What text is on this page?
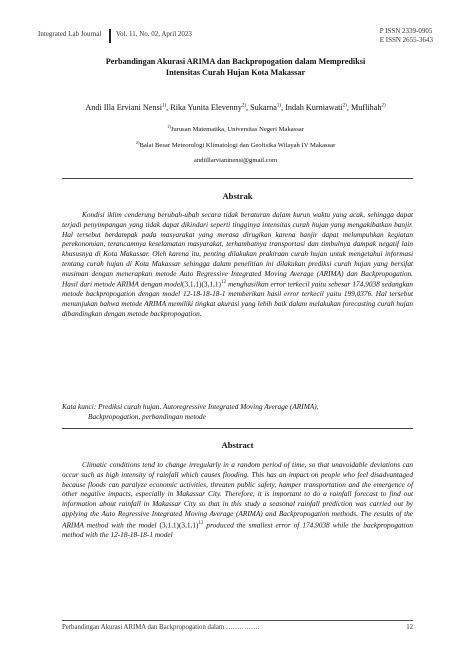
Integrated Lab Journal Vol. 11, No. 02, April 2023	P ISSN 2339-0905
E ISSN 2655-3643
Perbandingan Akurasi ARIMA dan Backpropogation dalam Memprediksi
Intensitas Curah Hujan Kota Makassar
Andi Illa Erviani Nensi$^{1)}$, Rika Yunita Elevenny$^{2)}$, Sukarna$^{1)}$, Indah Kurniawati$^{2)}$, Muflihah$^{2)}$
$^{1)}$Jurusan Matematika, Universitas Negeri Makassar
$^{2)}$Balai Besar Meteorologi Klimatologi dan Geofisika Wilayah IV Makassar
andiillarviani​nensi@gmail.com
Abstrak

Kondisi iklim cenderung berubah-ubah secara tidak beraturan dalam kurun waktu yang acak, sehingga dapat terjadi penyimpangan yang tidak dapat dikindari seperti tingginya intensitas curah hujan yang mengakibatkan banjir. Hal tersebut berdampak pada masyarakat yang merasa dirugikan karena banjir dapat melumpuhkan kegiatan perekonomian, terancamnya keselamatan masyarakat, terhambatnya transportasi dan timbulnya dampak negatif lain khususnya di Kota Makassar. Oleh karena itu, penting dilakukan prakiraan curah hujan untuk mengetahui informasi tentang curah hujan di Kota Makassar sehingga dalam penelitian ini dilakukan prediksi curah hujan yang bersifat musiman dengan menerapkan metode Auto Regressive Integrated Moving Average (ARIMA) dan Backpropogation. Hasil dari metode ARIMA dengan $model(3,1,1)(3,1,1)^{12}$ menghasilkan error terkecil yaitu sebesar 174,9038 sedangkan metode backpropogation dengan model 12-18-18-18-1 memberikan hasil error terkecil yaitu 199,0376. Hal tersebut menunjukan bahwa metode ARIMA memiliki tingkat akurasi yang lebih baik dalam melakukan forecasting curah hujan dibandingkan dengan metode backpropogation.

Kata kunci: Prediksi curah hujan, Autoregressive Integrated Moving Average (ARIMA),
Backpropogation, perbandingan metode
Abstract

Climatic conditions tend to change irregularly in a random period of time, so that unavoidable deviations can occur such as high intensity of rainfall which causes flooding. This has an impact on people who feel disadvantaged because floods can paralyze economic activities, threaten public safety, hamper transportation and the emergence of other negative impacts, especially in Makassar City. Therefore, it is important to do a rainfall forecast to find out information about rainfall in Makassar City so that in this study a seasonal rainfall prediction was carried out by applying the Auto Regressive Integrated Moving Average (ARIMA) and Backpropogation methods. The results of the ARIMA method with the model $(3,1,1)(3,1,1)^{12}$ produced the smallest error of 174,9038 while the backpropogation method with the 12-18-18-18-1 model

Perbandingan Akurasi ARIMA dan Backpropogation dalam ……………	12
